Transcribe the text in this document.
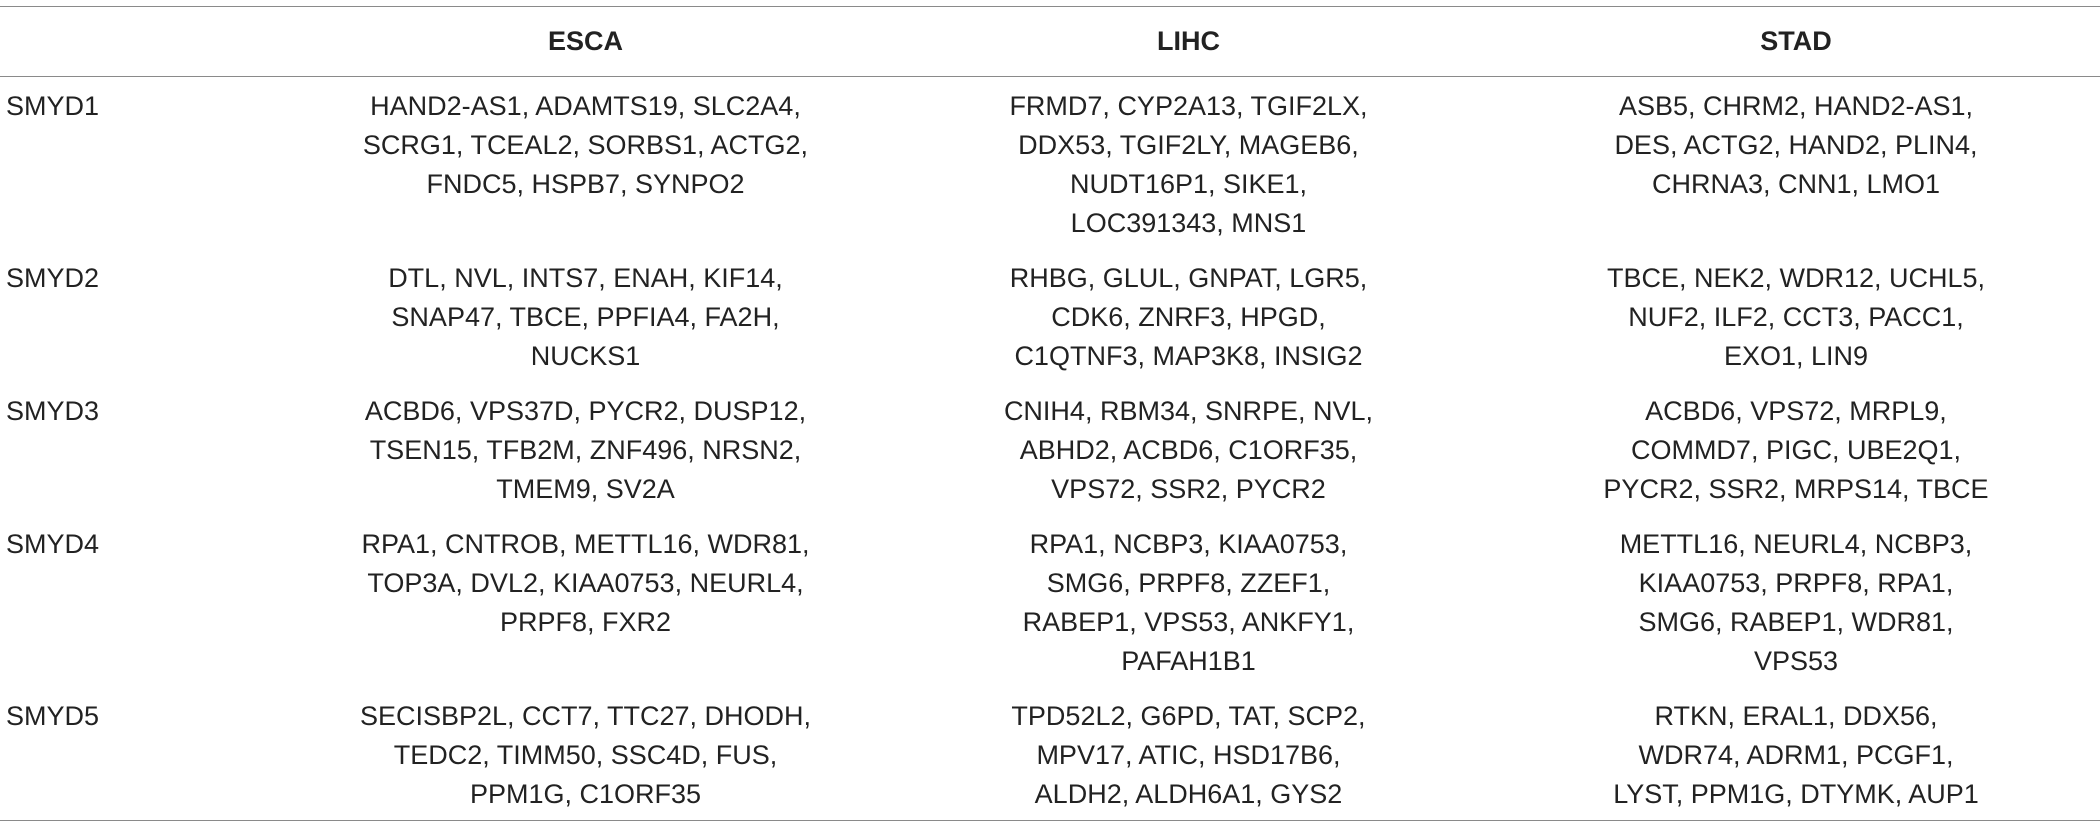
	ESCA	LIHC	STAD
SMYD1	HAND2-AS1, ADAMTS19, SLC2A4,
SCRG1, TCEAL2, SORBS1, ACTG2,
FNDC5, HSPB7, SYNPO2	FRMD7, CYP2A13, TGIF2LX,
DDX53, TGIF2LY, MAGEB6,
NUDT16P1, SIKE1,
LOC391343, MNS1	ASB5, CHRM2, HAND2-AS1,
DES, ACTG2, HAND2, PLIN4,
CHRNA3, CNN1, LMO1

SMYD2	DTL, NVL, INTS7, ENAH, KIF14,
SNAP47, TBCE, PPFIA4, FA2H,
NUCKS1	RHBG, GLUL, GNPAT, LGR5,
CDK6, ZNRF3, HPGD,
C1QTNF3, MAP3K8, INSIG2	TBCE, NEK2, WDR12, UCHL5,
NUF2, ILF2, CCT3, PACC1,
EXO1, LIN9

SMYD3	ACBD6, VPS37D, PYCR2, DUSP12,
TSEN15, TFB2M, ZNF496, NRSN2,
TMEM9, SV2A	CNIH4, RBM34, SNRPE, NVL,
ABHD2, ACBD6, C1ORF35,
VPS72, SSR2, PYCR2	ACBD6, VPS72, MRPL9,
COMMD7, PIGC, UBE2Q1,
PYCR2, SSR2, MRPS14, TBCE

SMYD4	RPA1, CNTROB, METTL16, WDR81,
TOP3A, DVL2, KIAA0753, NEURL4,
PRPF8, FXR2	RPA1, NCBP3, KIAA0753,
SMG6, PRPF8, ZZEF1,
RABEP1, VPS53, ANKFY1,
PAFAH1B1	METTL16, NEURL4, NCBP3,
KIAA0753, PRPF8, RPA1,
SMG6, RABEP1, WDR81,
VPS53

SMYD5	SECISBP2L, CCT7, TTC27, DHODH,
TEDC2, TIMM50, SSC4D, FUS,
PPM1G, C1ORF35	TPD52L2, G6PD, TAT, SCP2,
MPV17, ATIC, HSD17B6,
ALDH2, ALDH6A1, GYS2	RTKN, ERAL1, DDX56,
WDR74, ADRM1, PCGF1,
LYST, PPM1G, DTYMK, AUP1
